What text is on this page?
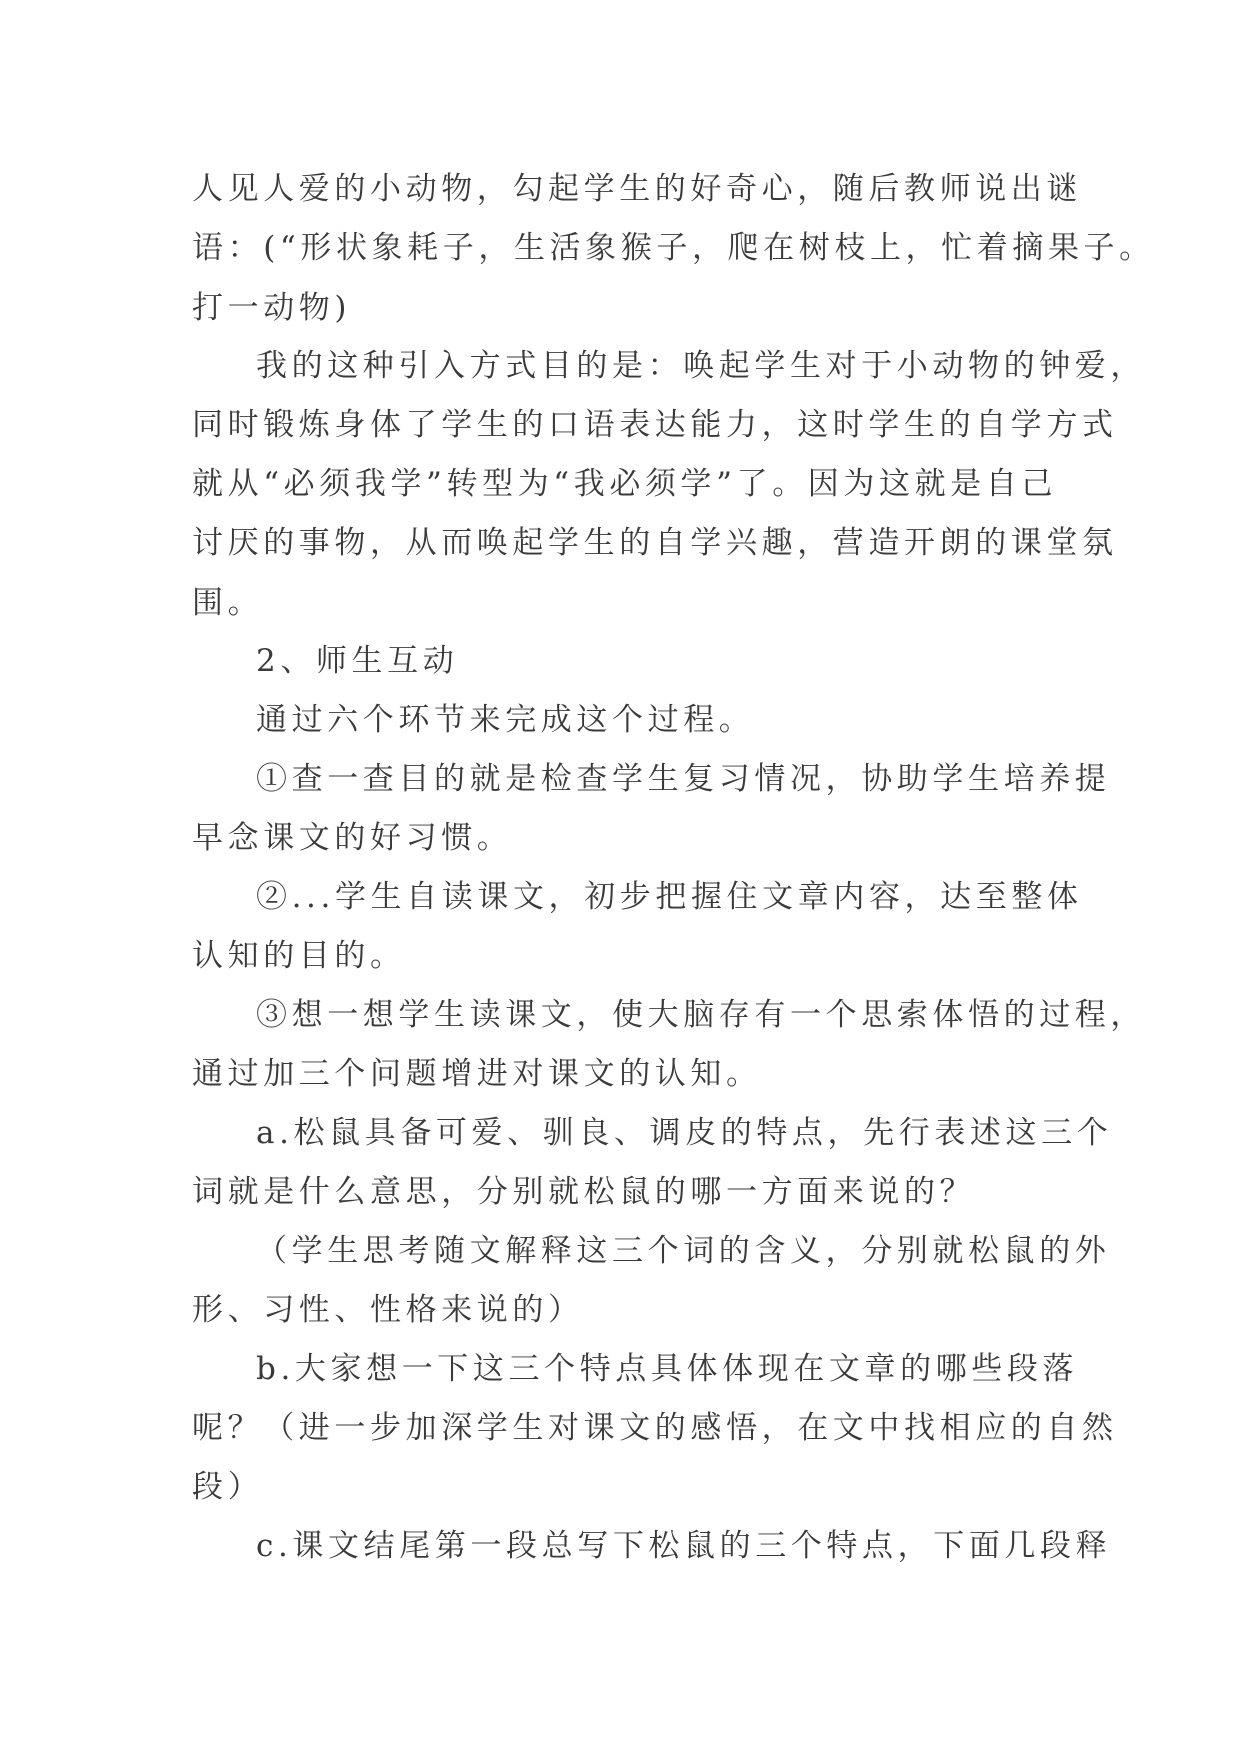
人见人爱的小动物，勾起学生的好奇心，随后教师说出谜
语：(“形状象耗子，生活象猴子，爬在树枝上，忙着摘果子。
打一动物)
我的这种引入方式目的是：唤起学生对于小动物的钟爱，
同时锻炼身体了学生的口语表达能力，这时学生的自学方式
就从“必须我学”转型为“我必须学”了。因为这就是自己
讨厌的事物，从而唤起学生的自学兴趣，营造开朗的课堂氛
围。
2、师生互动
通过六个环节来完成这个过程。
①查一查目的就是检查学生复习情况，协助学生培养提
早念课文的好习惯。
②...学生自读课文，初步把握住文章内容，达至整体
认知的目的。
③想一想学生读课文，使大脑存有一个思索体悟的过程，
通过加三个问题增进对课文的认知。
a.松鼠具备可爱、驯良、调皮的特点，先行表述这三个
词就是什么意思，分别就松鼠的哪一方面来说的？
（学生思考随文解释这三个词的含义，分别就松鼠的外
形、习性、性格来说的）
b.大家想一下这三个特点具体体现在文章的哪些段落
呢？（进一步加深学生对课文的感悟，在文中找相应的自然
段）
c.课文结尾第一段总写下松鼠的三个特点，下面几段释
